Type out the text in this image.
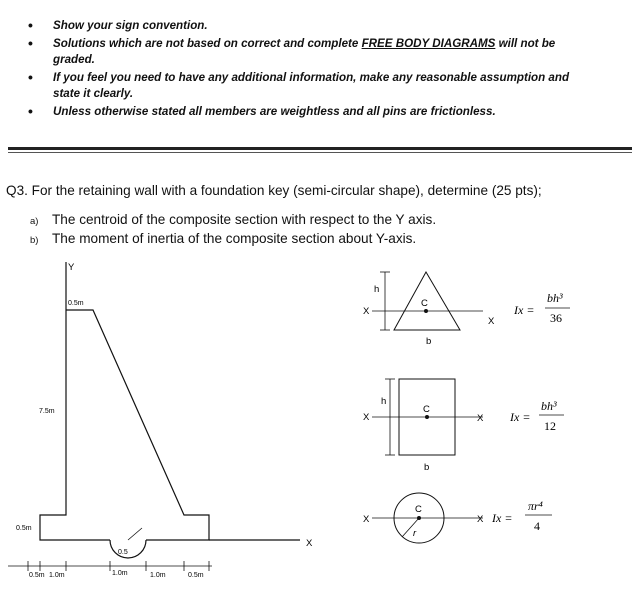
• Show your sign convention.
• Solutions which are not based on correct and complete FREE BODY DIAGRAMS will not be graded.
• If you feel you need to have any additional information, make any reasonable assumption and state it clearly.
• Unless otherwise stated all members are weightless and all pins are frictionless.
Q3. For the retaining wall with a foundation key (semi-circular shape), determine (25 pts);
a) The centroid of the composite section with respect to the Y axis.
b) The moment of inertia of the composite section about Y-axis.
Y
0.5m
7.5m
0.5m
0.5
X
0.5m 1.0m	1.0m	1.0m	0.5m
h
C
b
X
X
Ix =
bh³
36
h
C
b
X	X Ix =
bh³
12
C
r
X	X Ix =
πr⁴
4
